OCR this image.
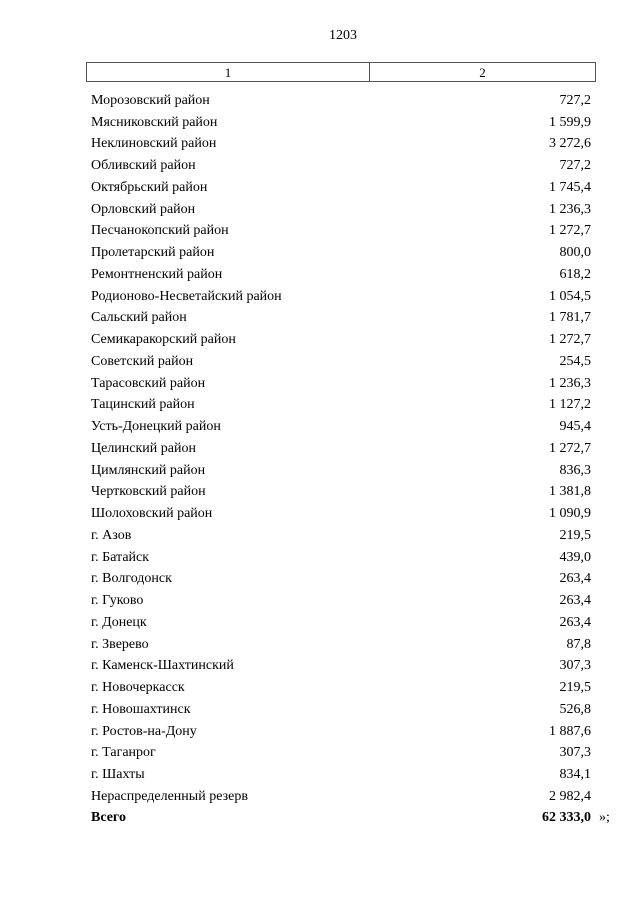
1203
1	2
Морозовский район	727,2
Мясниковский район	1 599,9
Неклиновский район	3 272,6
Обливский район	727,2
Октябрьский район	1 745,4
Орловский район	1 236,3
Песчанокопский район	1 272,7
Пролетарский район	800,0
Ремонтненский район	618,2
Родионово-Несветайский район	1 054,5
Сальский район	1 781,7
Семикаракорский район	1 272,7
Советский район	254,5
Тарасовский район	1 236,3
Тацинский район	1 127,2
Усть-Донецкий район	945,4
Целинский район	1 272,7
Цимлянский район	836,3
Чертковский район	1 381,8
Шолоховский район	1 090,9
г. Азов	219,5
г. Батайск	439,0
г. Волгодонск	263,4
г. Гуково	263,4
г. Донецк	263,4
г. Зверево	87,8
г. Каменск-Шахтинский	307,3
г. Новочеркасск	219,5
г. Новошахтинск	526,8
г. Ростов-на-Дону	1 887,6
г. Таганрог	307,3
г. Шахты	834,1
Нераспределенный резерв	2 982,4
Всего	62 333,0 »;
